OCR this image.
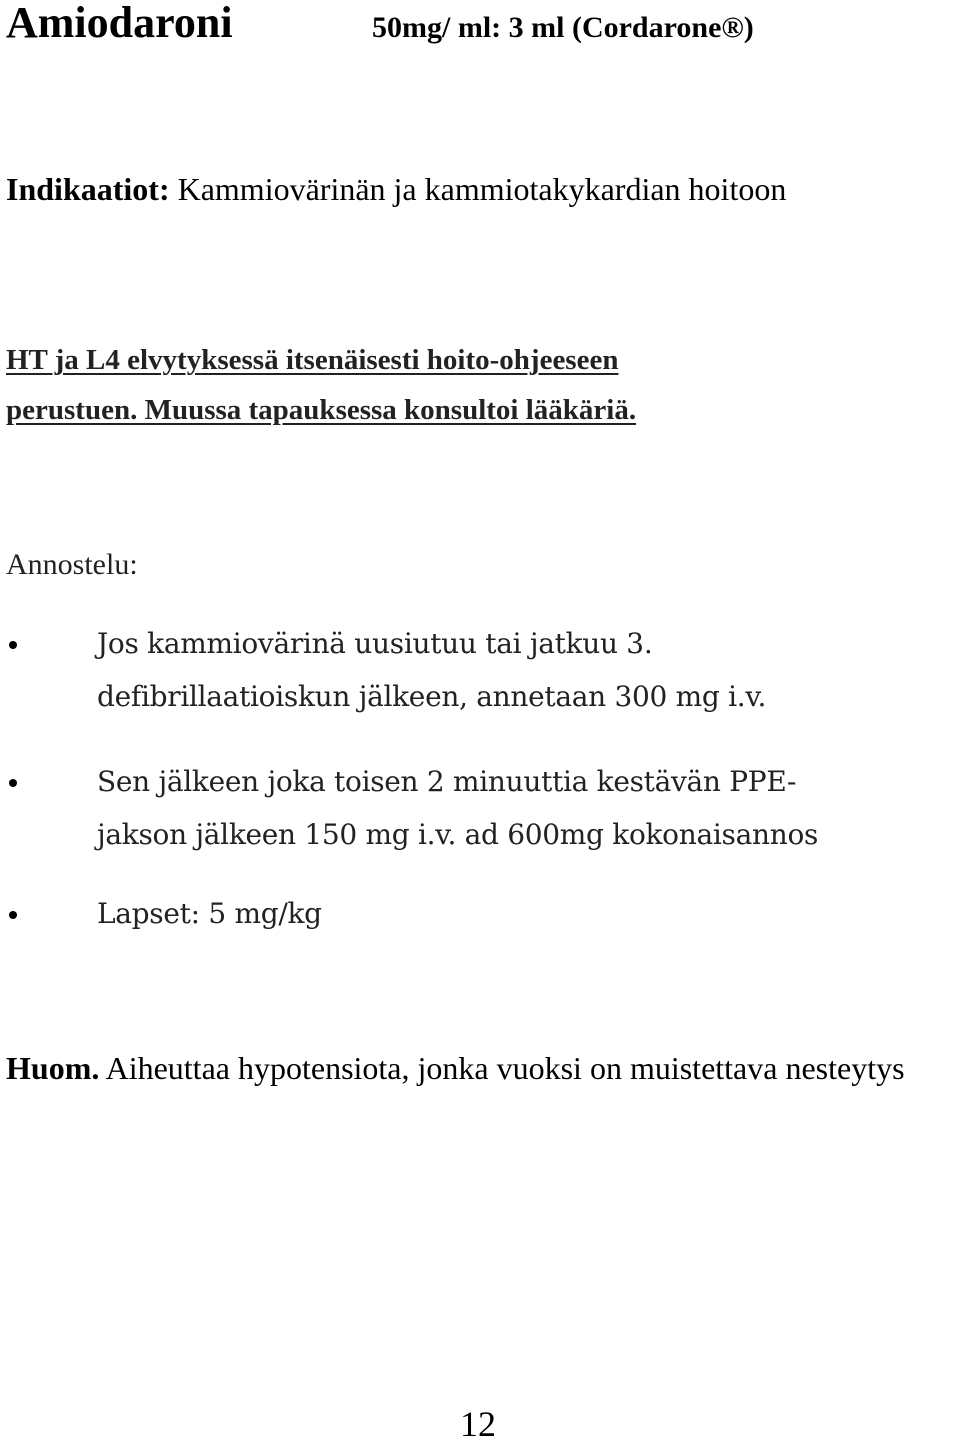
Amiodaroni	50mg/ ml: 3 ml (Cordarone®)
Indikaatiot: Kammiovärinän ja kammiotakykardian hoitoon
HT ja L4 elvytyksessä itsenäisesti hoito-ohjeeseen
perustuen. Muussa tapauksessa konsultoi lääkäriä.
Annostelu:
Jos kammiovärinä uusiutuu tai jatkuu 3.
defibrillaatioiskun jälkeen, annetaan 300 mg i.v.
Sen jälkeen joka toisen 2 minuuttia kestävän PPE-
jakson jälkeen 150 mg i.v. ad 600mg kokonaisannos
Lapset: 5 mg/kg
Huom. Aiheuttaa hypotensiota, jonka vuoksi on muistettava nesteytys
12
